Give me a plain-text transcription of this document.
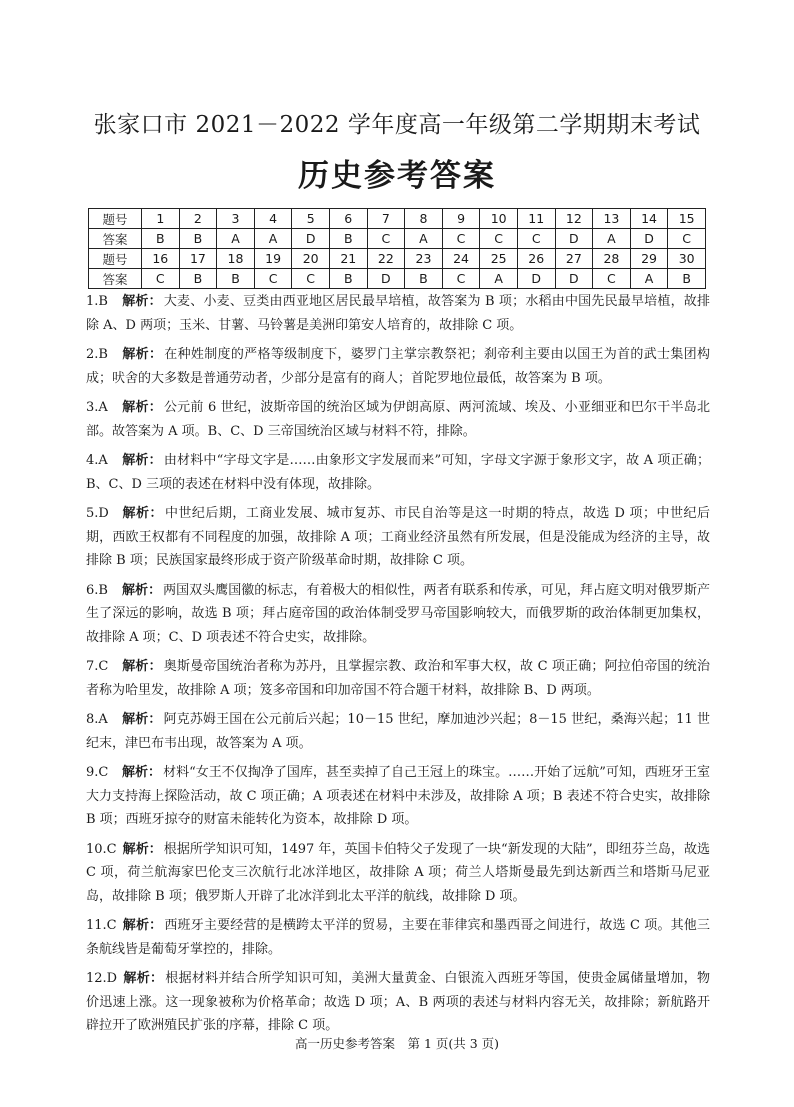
张家口市 2021－2022 学年度高一年级第二学期期末考试
历史参考答案
题号	1	2	3	4	5	6	7	8	9	10	11	12	13	14	15
答案	B	B	A	A	D	B	C	A	C	C	C	D	A	D	C
题号	16	17	18	19	20	21	22	23	24	25	26	27	28	29	30
答案	C	B	B	C	C	B	D	B	C	A	D	D	C	A	B
1.B 解析： 大麦、小麦、豆类由西亚地区居民最早培植，故答案为 B 项；水稻由中国先民最早培植，故排除 A、D 两项；玉米、甘薯、马铃薯是美洲印第安人培育的，故排除 C 项。
2.B 解析： 在种姓制度的严格等级制度下，婆罗门主掌宗教祭祀；刹帝利主要由以国王为首的武士集团构成；吠舍的大多数是普通劳动者，少部分是富有的商人；首陀罗地位最低，故答案为 B 项。
3.A 解析： 公元前 6 世纪，波斯帝国的统治区域为伊朗高原、两河流域、埃及、小亚细亚和巴尔干半岛北部。故答案为 A 项。B、C、D 三帝国统治区域与材料不符，排除。
4.A 解析： 由材料中“字母文字是……由象形文字发展而来”可知，字母文字源于象形文字，故 A 项正确；B、C、D 三项的表述在材料中没有体现，故排除。
5.D 解析： 中世纪后期，工商业发展、城市复苏、市民自治等是这一时期的特点，故选 D 项；中世纪后期，西欧王权都有不同程度的加强，故排除 A 项；工商业经济虽然有所发展，但是没能成为经济的主导，故排除 B 项；民族国家最终形成于资产阶级革命时期，故排除 C 项。
6.B 解析： 两国双头鹰国徽的标志，有着极大的相似性，两者有联系和传承，可见，拜占庭文明对俄罗斯产生了深远的影响，故选 B 项；拜占庭帝国的政治体制受罗马帝国影响较大，而俄罗斯的政治体制更加集权，故排除 A 项；C、D 项表述不符合史实，故排除。
7.C 解析： 奥斯曼帝国统治者称为苏丹，且掌握宗教、政治和军事大权，故 C 项正确；阿拉伯帝国的统治者称为哈里发，故排除 A 项；笈多帝国和印加帝国不符合题干材料，故排除 B、D 两项。
8.A 解析： 阿克苏姆王国在公元前后兴起；10－15 世纪，摩加迪沙兴起；8－15 世纪，桑海兴起；11 世纪末，津巴布韦出现，故答案为 A 项。
9.C 解析： 材料“女王不仅掏净了国库，甚至卖掉了自己王冠上的珠宝。……开始了远航”可知，西班牙王室大力支持海上探险活动，故 C 项正确；A 项表述在材料中未涉及，故排除 A 项；B 表述不符合史实，故排除 B 项；西班牙掠夺的财富未能转化为资本，故排除 D 项。
10.C 解析： 根据所学知识可知，1497 年，英国卡伯特父子发现了一块“新发现的大陆”，即纽芬兰岛，故选 C 项，荷兰航海家巴伦支三次航行北冰洋地区，故排除 A 项；荷兰人塔斯曼最先到达新西兰和塔斯马尼亚岛，故排除 B 项；俄罗斯人开辟了北冰洋到北太平洋的航线，故排除 D 项。
11.C 解析： 西班牙主要经营的是横跨太平洋的贸易，主要在菲律宾和墨西哥之间进行，故选 C 项。其他三条航线皆是葡萄牙掌控的，排除。
12.D 解析： 根据材料并结合所学知识可知，美洲大量黄金、白银流入西班牙等国，使贵金属储量增加，物价迅速上涨。这一现象被称为价格革命；故选 D 项；A、B 两项的表述与材料内容无关，故排除；新航路开辟拉开了欧洲殖民扩张的序幕，排除 C 项。
高一历史参考答案　第 1 页(共 3 页)
